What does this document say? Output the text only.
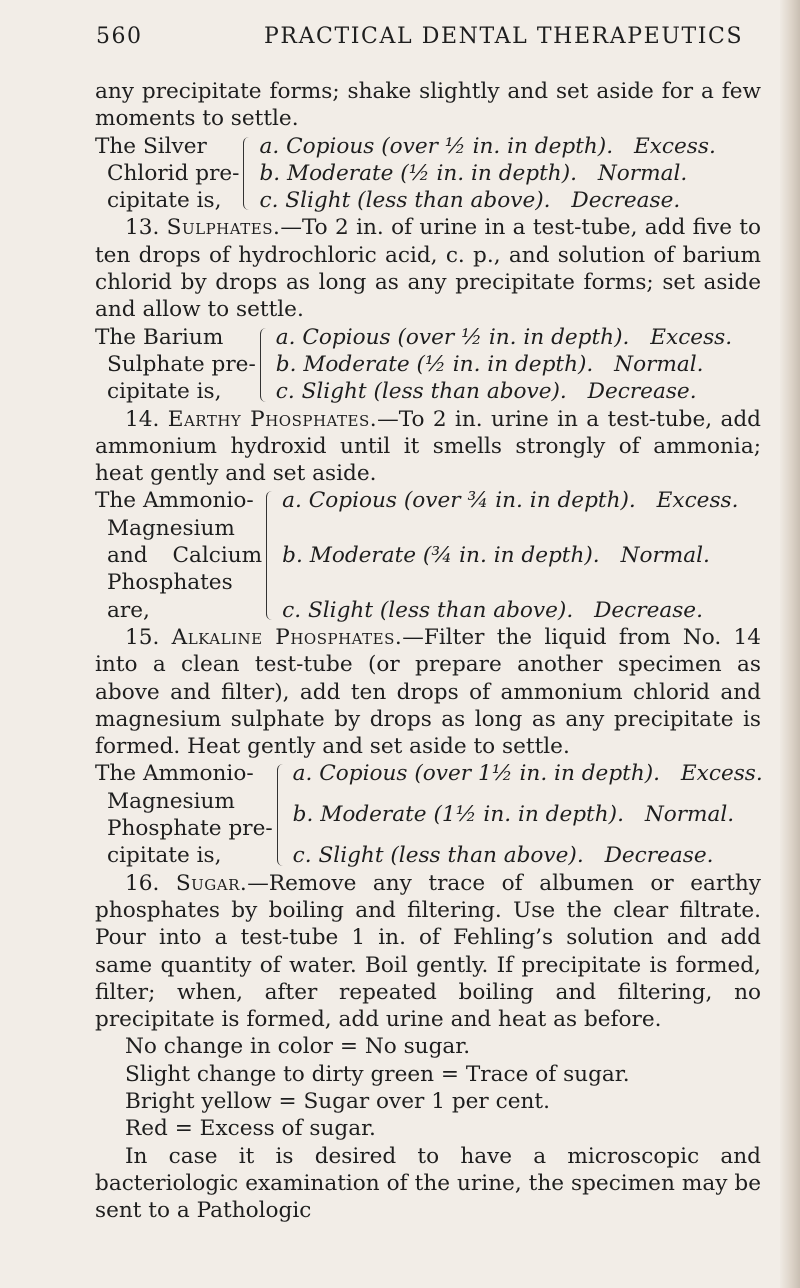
560	PRACTICAL DENTAL THERAPEUTICS

any precipitate forms; shake slightly and set aside for a few moments to settle.

The Silver
Chlorid pre-
cipitate is,
a. Copious (over ½ in. in depth). Excess.
b. Moderate (½ in. in depth). Normal.
c. Slight (less than above). Decrease.

13. Sulphates.—To 2 in. of urine in a test-tube, add five to ten drops of hydrochloric acid, c. p., and solution of barium chlorid by drops as long as any precipitate forms; set aside and allow to settle.

The Barium
Sulphate pre-
cipitate is,
a. Copious (over ½ in. in depth). Excess.
b. Moderate (½ in. in depth). Normal.
c. Slight (less than above). Decrease.

14. Earthy Phosphates.—To 2 in. urine in a test-tube, add ammonium hydroxid until it smells strongly of ammonia; heat gently and set aside.

The Ammonio-
Magnesium
and Calcium
Phosphates
are,
a. Copious (over ¾ in. in depth). Excess.

b. Moderate (¾ in. in depth). Normal.

c. Slight (less than above). Decrease.

15. Alkaline Phosphates.—Filter the liquid from No. 14 into a clean test-tube (or prepare another specimen as above and filter), add ten drops of ammonium chlorid and magnesium sulphate by drops as long as any precipitate is formed. Heat gently and set aside to settle.

The Ammonio-
Magnesium
Phosphate pre-
cipitate is,
a. Copious (over 1½ in. in depth). Excess.
b. Moderate (1½ in. in depth). Normal.
c. Slight (less than above). Decrease.

16. Sugar.—Remove any trace of albumen or earthy phosphates by boiling and filtering. Use the clear filtrate. Pour into a test-tube 1 in. of Fehling’s solution and add same quantity of water. Boil gently. If precipitate is formed, filter; when, after repeated boiling and filtering, no precipitate is formed, add urine and heat as before.

No change in color = No sugar.

Slight change to dirty green = Trace of sugar.

Bright yellow = Sugar over 1 per cent.

Red = Excess of sugar.

In case it is desired to have a microscopic and bacteriologic examination of the urine, the specimen may be sent to a Pathologic
